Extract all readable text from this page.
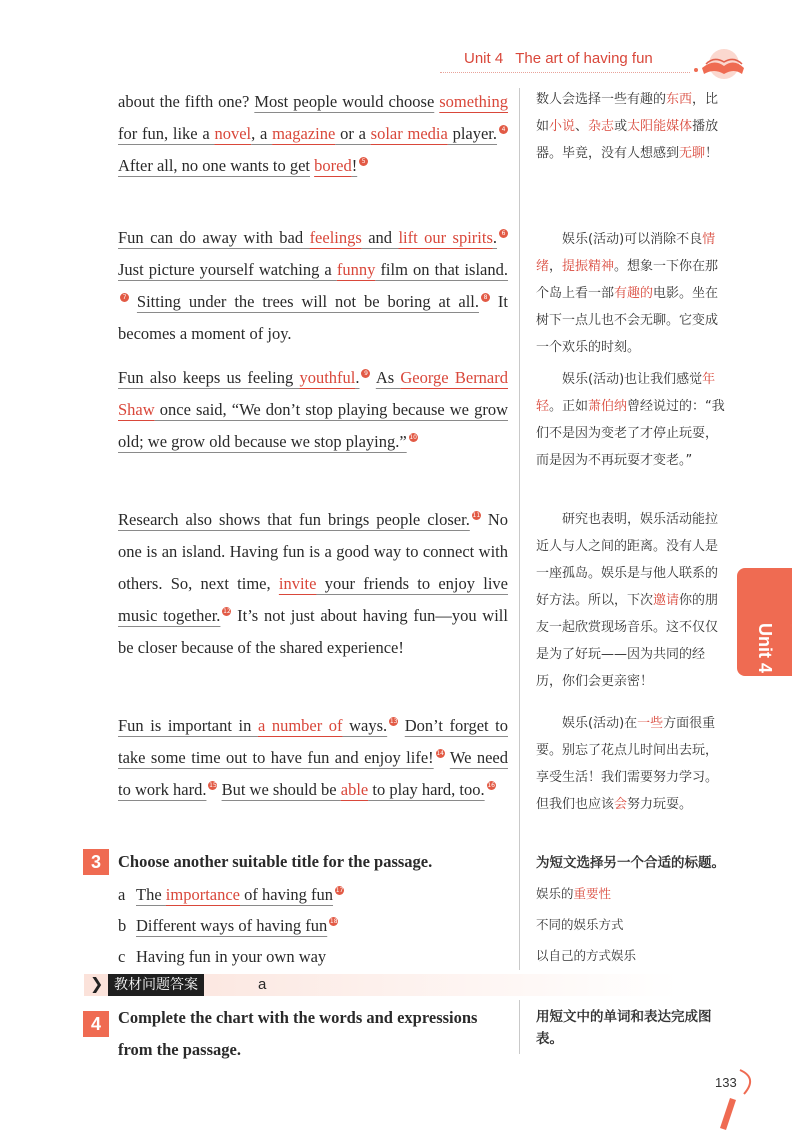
Unit 4 The art of having fun

about the fifth one? Most people would choose something for fun, like a novel, a magazine or a solar media player. 4 After all, no one wants to get bored! 5

Fun can do away with bad feelings and lift our spirits. 6 Just picture yourself watching a funny film on that island.7 Sitting under the trees will not be boring at all. 8 It becomes a moment of joy.

Fun also keeps us feeling youthful. 9 As George Bernard Shaw once said, “We don’t stop playing because we grow old; we grow old because we stop playing.” 10

Research also shows that fun brings people closer. 11 No one is an island. Having fun is a good way to connect with others. So, next time, invite your friends to enjoy live music together. 12 It’s not just about having fun—you will be closer because of the shared experience!

Fun is important in a number of ways. 13 Don’t forget to take some time out to have fun and enjoy life! 14 We need to work hard. 15 But we should be able to play hard, too. 16

数人会选择一些有趣的东西，比如小说、杂志或太阳能媒体播放器。毕竟，没有人想感到无聊！

　　娱乐(活动)可以消除不良情绪，提振精神。想象一下你在那个岛上看一部有趣的电影。坐在树下一点儿也不会无聊。它变成一个欢乐的时刻。

　　娱乐(活动)也让我们感觉年轻。正如萧伯纳曾经说过的：“我们不是因为变老了才停止玩耍，而是因为不再玩耍才变老。”

　　研究也表明，娱乐活动能拉近人与人之间的距离。没有人是一座孤岛。娱乐是与他人联系的好方法。所以，下次邀请你的朋友一起欣赏现场音乐。这不仅仅是为了好玩——因为共同的经历，你们会更亲密！

　　娱乐(活动)在一些方面很重要。别忘了花点儿时间出去玩，享受生活！我们需要努力学习。但我们也应该会努力玩耍。

Unit 4
3	Choose another suitable title for the passage.	为短文选择另一个合适的标题。
a The importance of having fun 17
b Different ways of having fun 18
c Having fun in your own way
娱乐的重要性
不同的娱乐方式
以自己的方式娱乐
❯ 教材问题答案	a
4	Complete the chart with the words and expressions from the passage.
用短文中的单词和表达完成图表。
133
